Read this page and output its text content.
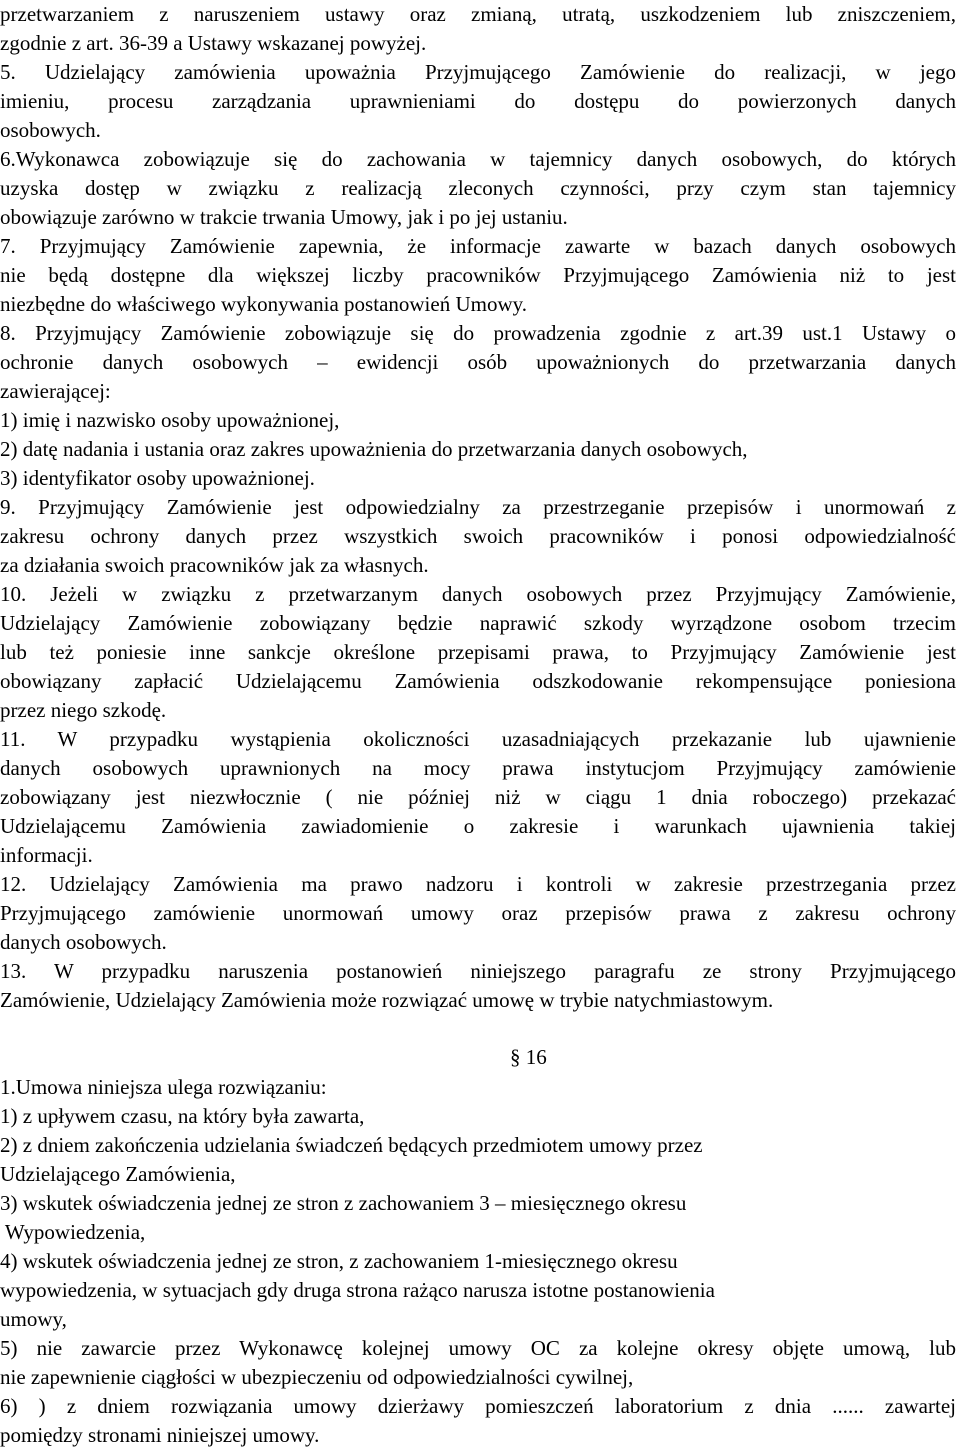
przetwarzaniem z naruszeniem ustawy oraz zmianą, utratą, uszkodzeniem lub zniszczeniem,

zgodnie z art. 36-39 a Ustawy wskazanej powyżej.

5. Udzielający zamówienia upoważnia Przyjmującego Zamówienie do realizacji, w jego

imieniu, procesu zarządzania uprawnieniami do dostępu do powierzonych danych

osobowych.

6.Wykonawca zobowiązuje się do zachowania w tajemnicy danych osobowych, do których

uzyska dostęp w związku z realizacją zleconych czynności, przy czym stan tajemnicy

obowiązuje zarówno w trakcie trwania Umowy, jak i po jej ustaniu.

7. Przyjmujący Zamówienie zapewnia, że informacje zawarte w bazach danych osobowych

nie będą dostępne dla większej liczby pracowników Przyjmującego Zamówienia niż to jest

niezbędne do właściwego wykonywania postanowień Umowy.

8. Przyjmujący Zamówienie zobowiązuje się do prowadzenia zgodnie z art.39 ust.1 Ustawy o

ochronie danych osobowych – ewidencji osób upoważnionych do przetwarzania danych

zawierającej:

1) imię i nazwisko osoby upoważnionej,

2) datę nadania i ustania oraz zakres upoważnienia do przetwarzania danych osobowych,

3) identyfikator osoby upoważnionej.

9. Przyjmujący Zamówienie jest odpowiedzialny za przestrzeganie przepisów i unormowań z

zakresu ochrony danych przez wszystkich swoich pracowników i ponosi odpowiedzialność

za działania swoich pracowników jak za własnych.

10. Jeżeli w związku z przetwarzanym danych osobowych przez Przyjmujący Zamówienie,

Udzielający Zamówienie zobowiązany będzie naprawić szkody wyrządzone osobom trzecim

lub też poniesie inne sankcje określone przepisami prawa, to Przyjmujący Zamówienie jest

obowiązany zapłacić Udzielającemu Zamówienia odszkodowanie rekompensujące poniesiona

przez niego szkodę.

11. W przypadku wystąpienia okoliczności uzasadniających przekazanie lub ujawnienie

danych osobowych uprawnionych na mocy prawa instytucjom Przyjmujący zamówienie

zobowiązany jest niezwłocznie ( nie później niż w ciągu 1 dnia roboczego) przekazać

Udzielającemu Zamówienia zawiadomienie o zakresie i warunkach ujawnienia takiej

informacji.

12. Udzielający Zamówienia ma prawo nadzoru i kontroli w zakresie przestrzegania przez

Przyjmującego zamówienie unormowań umowy oraz przepisów prawa z zakresu ochrony

danych osobowych.

13. W przypadku naruszenia postanowień niniejszego paragrafu ze strony Przyjmującego

Zamówienie, Udzielający Zamówienia może rozwiązać umowę w trybie natychmiastowym.

§ 16

1.Umowa niniejsza ulega rozwiązaniu:

1) z upływem czasu, na który była zawarta,

2) z dniem zakończenia udzielania świadczeń będących przedmiotem umowy przez

Udzielającego Zamówienia,

3) wskutek oświadczenia jednej ze stron z zachowaniem 3 – miesięcznego okresu

Wypowiedzenia,

4) wskutek oświadczenia jednej ze stron, z zachowaniem 1-miesięcznego okresu

wypowiedzenia, w sytuacjach gdy druga strona rażąco narusza istotne postanowienia

umowy,

5) nie zawarcie przez Wykonawcę kolejnej umowy OC za kolejne okresy objęte umową, lub

nie zapewnienie ciągłości w ubezpieczeniu od odpowiedzialności cywilnej,

6) ) z dniem rozwiązania umowy dzierżawy pomieszczeń laboratorium z dnia ...... zawartej

pomiędzy stronami niniejszej umowy.
